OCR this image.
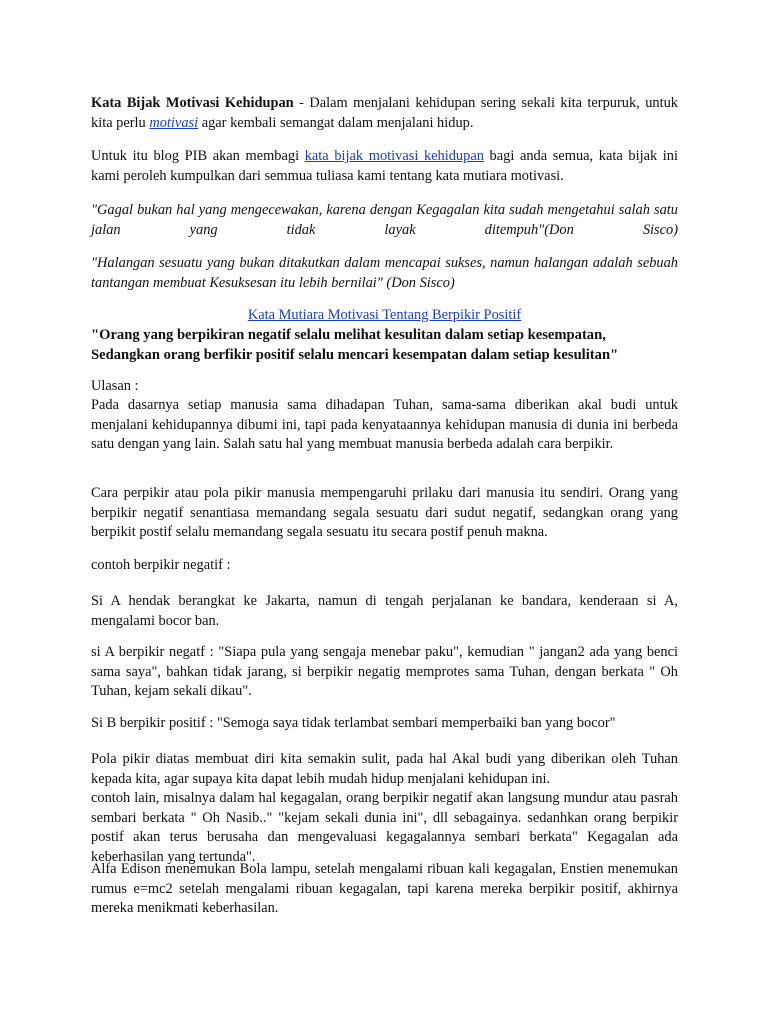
Kata Bijak Motivasi Kehidupan - Dalam menjalani kehidupan sering sekali kita terpuruk, untuk kita perlu motivasi agar kembali semangat dalam menjalani hidup.

Untuk itu blog PIB akan membagi kata bijak motivasi kehidupan bagi anda semua, kata bijak ini kami peroleh kumpulkan dari semmua tuliasa kami tentang kata mutiara motivasi.

"Gagal bukan hal yang mengecewakan, karena dengan Kegagalan kita sudah mengetahui salah satu jalan yang tidak layak ditempuh"(Don Sisco)

"Halangan sesuatu yang bukan ditakutkan dalam mencapai sukses, namun halangan adalah sebuah tantangan membuat Kesuksesan itu lebih bernilai" (Don Sisco)

Kata Mutiara Motivasi Tentang Berpikir Positif

"Orang yang berpikiran negatif selalu melihat kesulitan dalam setiap kesempatan,
Sedangkan orang berfikir positif selalu mencari kesempatan dalam setiap kesulitan"

Ulasan :

Pada dasarnya setiap manusia sama dihadapan Tuhan, sama-sama diberikan akal budi untuk menjalani kehidupannya dibumi ini, tapi pada kenyataannya kehidupan manusia di dunia ini berbeda satu dengan yang lain. Salah satu hal yang membuat manusia berbeda adalah cara berpikir.

Cara perpikir atau pola pikir manusia mempengaruhi prilaku dari manusia itu sendiri. Orang yang berpikir negatif senantiasa memandang segala sesuatu dari sudut negatif, sedangkan orang yang berpikit postif selalu memandang segala sesuatu itu secara postif penuh makna.

contoh berpikir negatif :

Si A hendak berangkat ke Jakarta, namun di tengah perjalanan ke bandara, kenderaan si A, mengalami bocor ban.

si A berpikir negatf : "Siapa pula yang sengaja menebar paku", kemudian " jangan2 ada yang benci sama saya", bahkan tidak jarang, si berpikir negatig memprotes sama Tuhan, dengan berkata " Oh Tuhan, kejam sekali dikau".

Si B berpikir positif : "Semoga saya tidak terlambat sembari memperbaiki ban yang bocor"

Pola pikir diatas membuat diri kita semakin sulit, pada hal Akal budi yang diberikan oleh Tuhan kepada kita, agar supaya kita dapat lebih mudah hidup menjalani kehidupan ini.

contoh lain, misalnya dalam hal kegagalan, orang berpikir negatif akan langsung mundur atau pasrah sembari berkata " Oh Nasib.." "kejam sekali dunia ini", dll sebagainya. sedanhkan orang berpikir postif akan terus berusaha dan mengevaluasi kegagalannya sembari berkata" Kegagalan ada keberhasilan yang tertunda".

Alfa Edison menemukan Bola lampu, setelah mengalami ribuan kali kegagalan, Enstien menemukan rumus e=mc2 setelah mengalami ribuan kegagalan, tapi karena mereka berpikir positif, akhirnya mereka menikmati keberhasilan.
